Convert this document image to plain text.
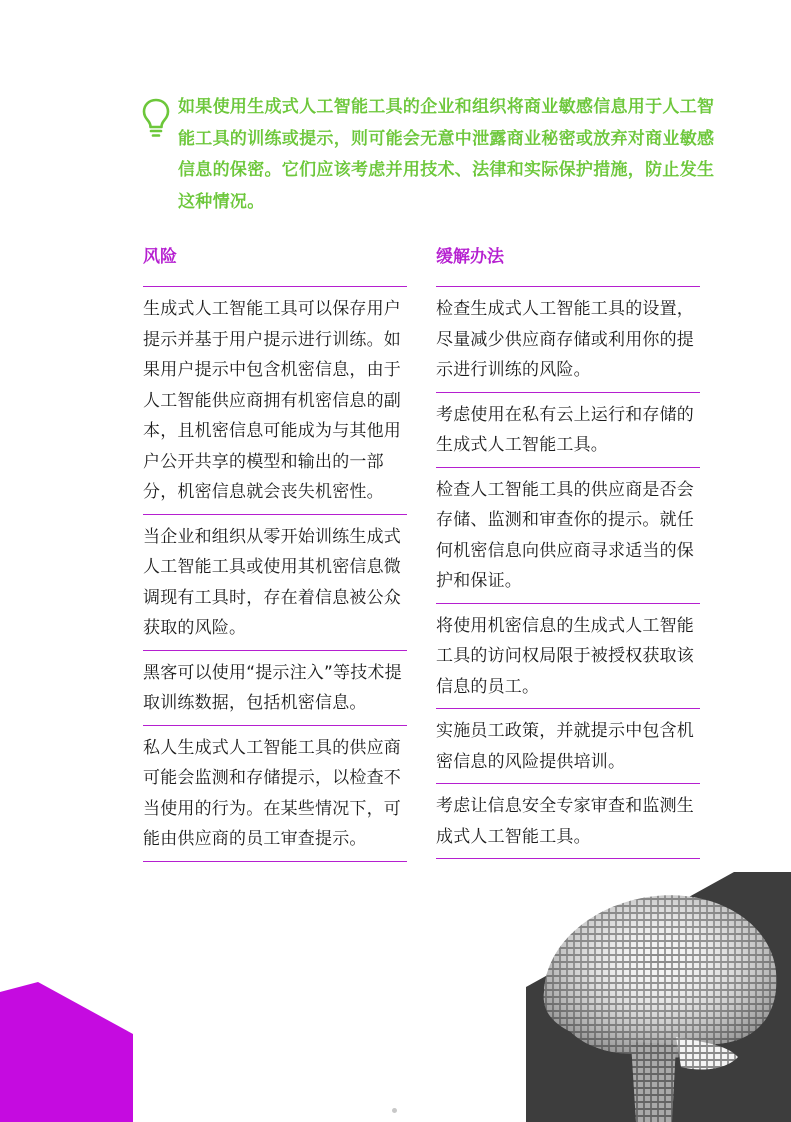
如果使用生成式人工智能工具的企业和组织将商业敏感信息用于人工智能工具的训练或提示，则可能会无意中泄露商业秘密或放弃对商业敏感信息的保密。它们应该考虑并用技术、法律和实际保护措施，防止发生这种情况。

风险

生成式人工智能工具可以保存用户提示并基于用户提示进行训练。如果用户提示中包含机密信息，由于人工智能供应商拥有机密信息的副本，且机密信息可能成为与其他用户公开共享的模型和输出的一部分，机密信息就会丧失机密性。

当企业和组织从零开始训练生成式人工智能工具或使用其机密信息微调现有工具时，存在着信息被公众获取的风险。

黑客可以使用“提示注入”等技术提取训练数据，包括机密信息。

私人生成式人工智能工具的供应商可能会监测和存储提示，以检查不当使用的行为。在某些情况下，可能由供应商的员工审查提示。

缓解办法

检查生成式人工智能工具的设置，尽量减少供应商存储或利用你的提示进行训练的风险。

考虑使用在私有云上运行和存储的生成式人工智能工具。

检查人工智能工具的供应商是否会存储、监测和审查你的提示。就任何机密信息向供应商寻求适当的保护和保证。

将使用机密信息的生成式人工智能工具的访问权局限于被授权获取该信息的员工。

实施员工政策，并就提示中包含机密信息的风险提供培训。

考虑让信息安全专家审查和监测生成式人工智能工具。
